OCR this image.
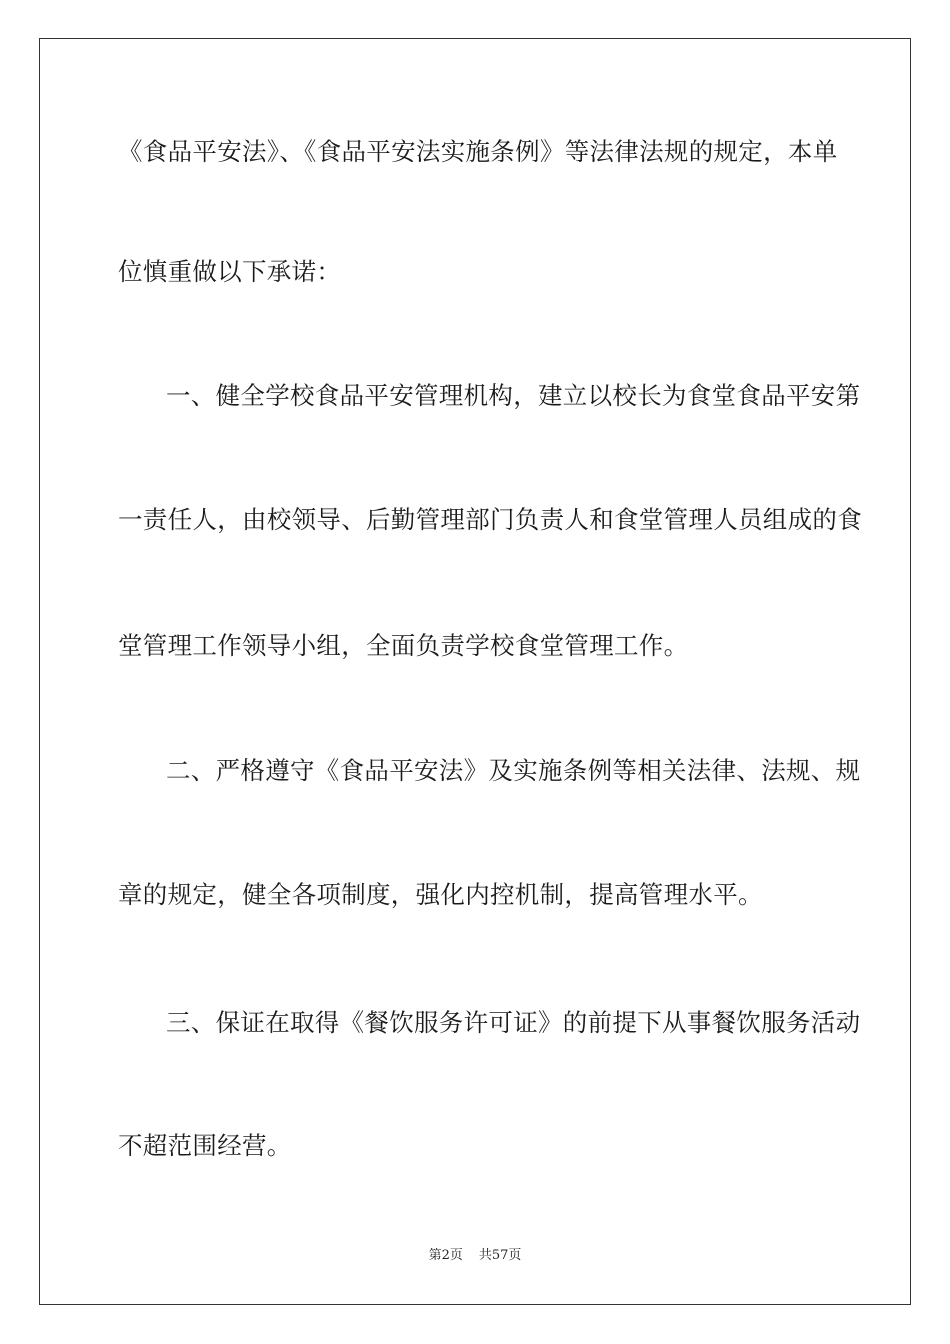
《食品平安法》、《食品平安法实施条例》等法律法规的规定，本单
位慎重做以下承诺：
一、健全学校食品平安管理机构，建立以校长为食堂食品平安第
一责任人，由校领导、后勤管理部门负责人和食堂管理人员组成的食
堂管理工作领导小组，全面负责学校食堂管理工作。
二、严格遵守《食品平安法》及实施条例等相关法律、法规、规
章的规定，健全各项制度，强化内控机制，提高管理水平。
三、保证在取得《餐饮服务许可证》的前提下从事餐饮服务活动
不超范围经营。
第2页 共57页
